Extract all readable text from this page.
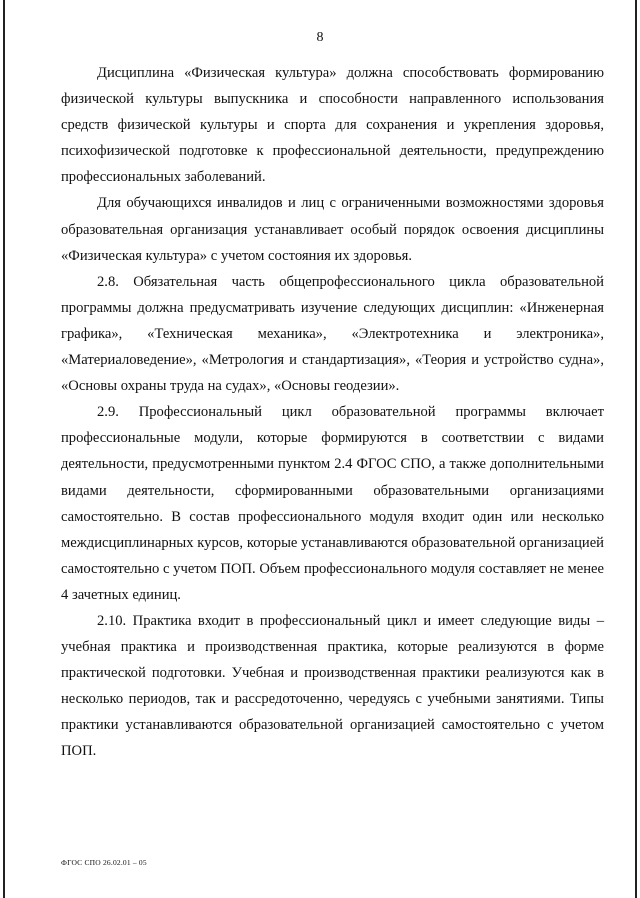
8

Дисциплина «Физическая культура» должна способствовать формированию физической культуры выпускника и способности направленного использования средств физической культуры и спорта для сохранения и укрепления здоровья, психофизической подготовке к профессиональной деятельности, предупреждению профессиональных заболеваний.

Для обучающихся инвалидов и лиц с ограниченными возможностями здоровья образовательная организация устанавливает особый порядок освоения дисциплины «Физическая культура» с учетом состояния их здоровья.

2.8. Обязательная часть общепрофессионального цикла образовательной программы должна предусматривать изучение следующих дисциплин: «Инженерная графика», «Техническая механика», «Электротехника и электроника», «Материаловедение», «Метрология и стандартизация», «Теория и устройство судна», «Основы охраны труда на судах», «Основы геодезии».

2.9. Профессиональный цикл образовательной программы включает профессиональные модули, которые формируются в соответствии с видами деятельности, предусмотренными пунктом 2.4 ФГОС СПО, а также дополнительными видами деятельности, сформированными образовательными организациями самостоятельно. В состав профессионального модуля входит один или несколько междисциплинарных курсов, которые устанавливаются образовательной организацией самостоятельно с учетом ПОП. Объем профессионального модуля составляет не менее 4 зачетных единиц.

2.10. Практика входит в профессиональный цикл и имеет следующие виды – учебная практика и производственная практика, которые реализуются в форме практической подготовки. Учебная и производственная практики реализуются как в несколько периодов, так и рассредоточенно, чередуясь с учебными занятиями. Типы практики устанавливаются образовательной организацией самостоятельно с учетом ПОП.

ФГОС СПО 26.02.01 – 05
